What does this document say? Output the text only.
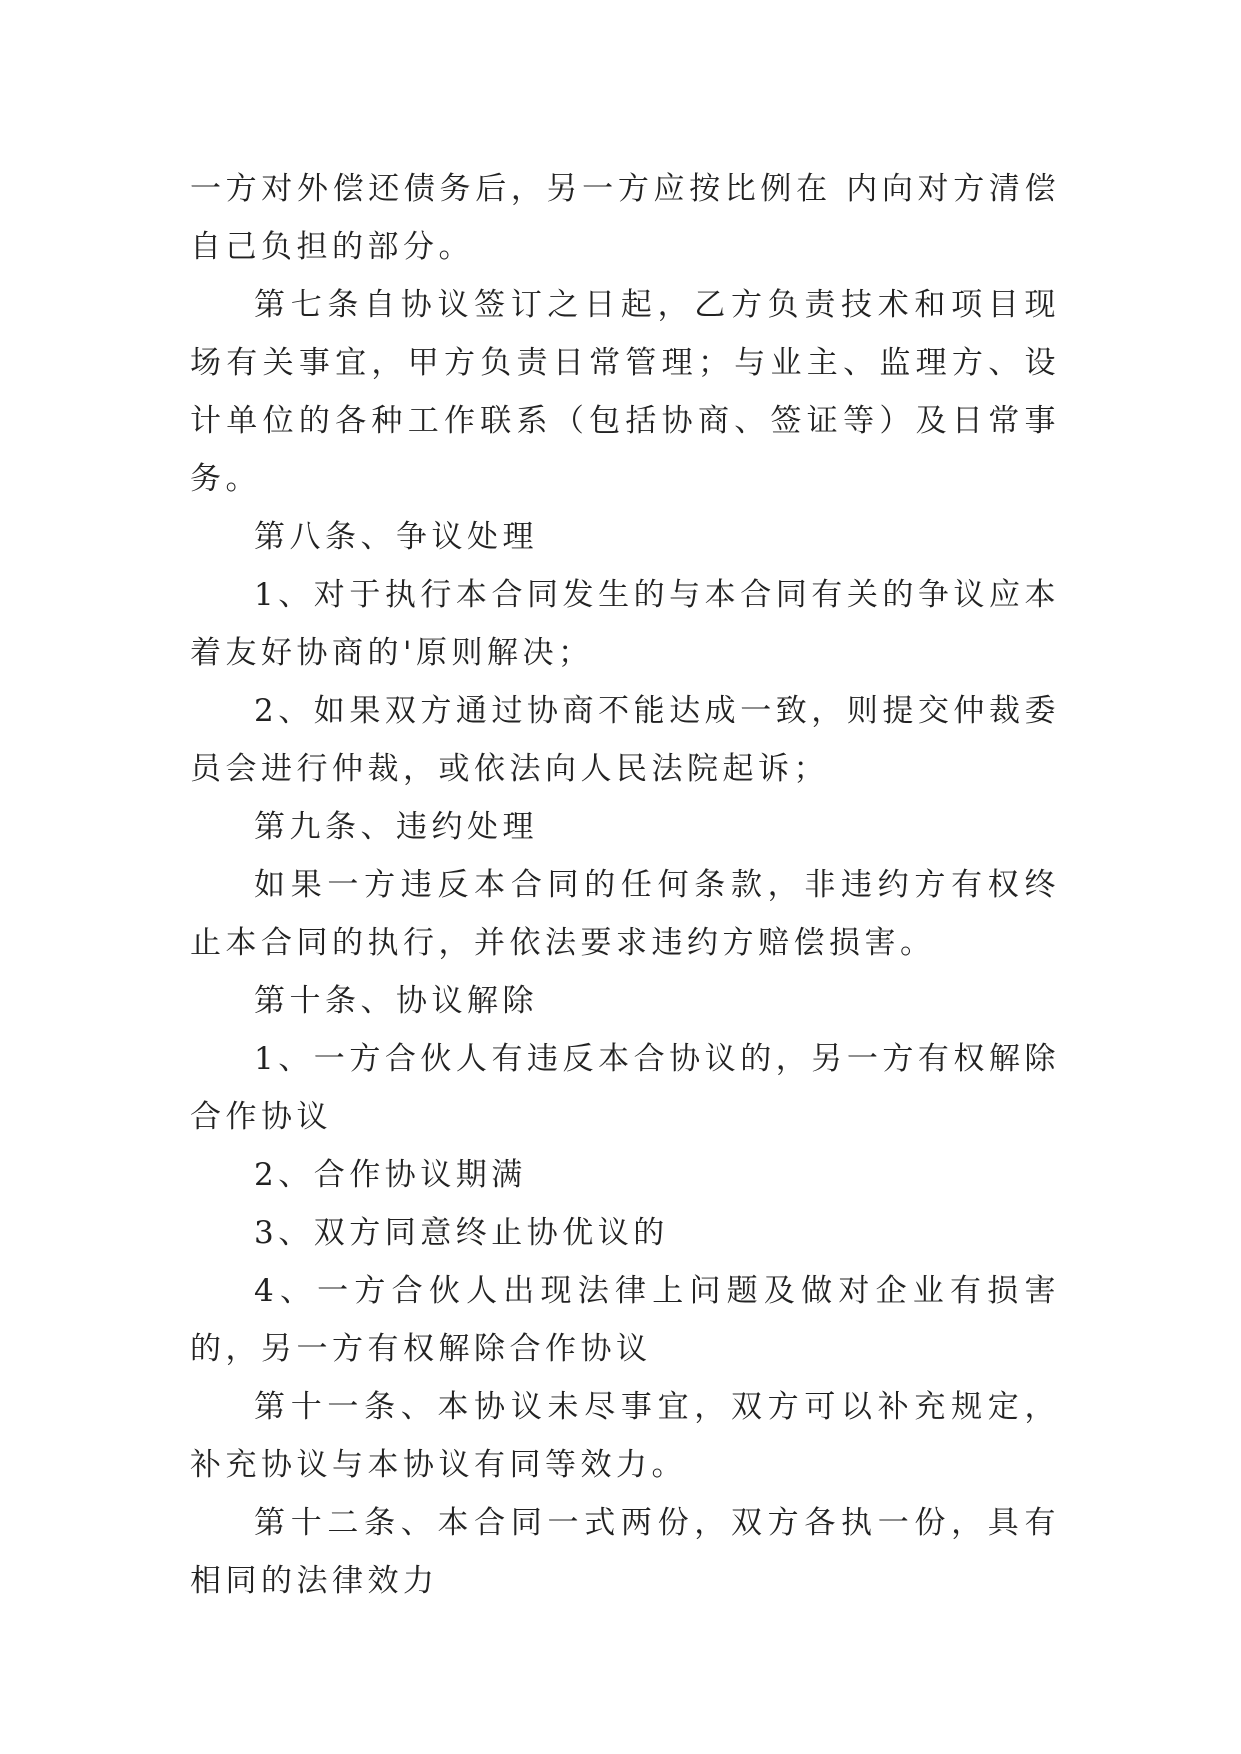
一方对外偿还债务后，另一方应按比例在 内向对方清偿自己负担的部分。

第七条自协议签订之日起，乙方负责技术和项目现场有关事宜，甲方负责日常管理；与业主、监理方、设计单位的各种工作联系（包括协商、签证等）及日常事务。

第八条、争议处理

1、对于执行本合同发生的与本合同有关的争议应本着友好协商的'原则解决；

2、如果双方通过协商不能达成一致，则提交仲裁委员会进行仲裁，或依法向人民法院起诉；

第九条、违约处理

如果一方违反本合同的任何条款，非违约方有权终止本合同的执行，并依法要求违约方赔偿损害。

第十条、协议解除

1、一方合伙人有违反本合协议的，另一方有权解除合作协议

2、合作协议期满

3、双方同意终止协优议的

4、一方合伙人出现法律上问题及做对企业有损害的，另一方有权解除合作协议

第十一条、本协议未尽事宜，双方可以补充规定，补充协议与本协议有同等效力。

第十二条、本合同一式两份，双方各执一份，具有相同的法律效力
